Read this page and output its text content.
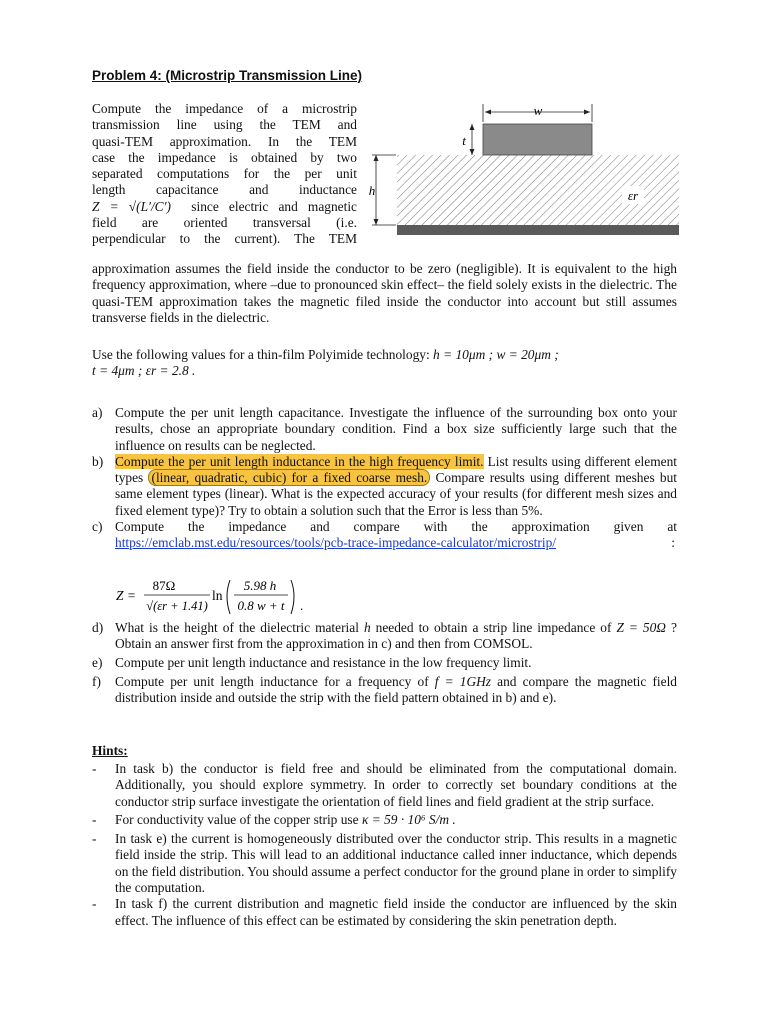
Problem 4: (Microstrip Transmission Line)
w
t
h	εr
Compute the impedance of a microstrip
transmission line using the TEM and
quasi-TEM approximation. In the TEM
case the impedance is obtained by two
separated computations for the per unit
length capacitance and inductance
Z = √(L′/C′) since electric and magnetic
field are oriented transversal (i.e.
perpendicular to the current). The TEM

approximation assumes the field inside the conductor to be zero (negligible). It is equivalent to the high frequency approximation, where –due to pronounced skin effect– the field solely exists in the dielectric. The quasi-TEM approximation takes the magnetic filed inside the conductor into account but still assumes transverse fields in the dielectric.

Use the following values for a thin-film Polyimide technology: h = 10μm ; w = 20μm ;
t = 4μm ; εr = 2.8 .
a) Compute the per unit length capacitance. Investigate the influence of the surrounding box onto your results, chose an appropriate boundary condition. Find a box size sufficiently large such that the influence on results can be neglected.
b) Compute the per unit length inductance in the high frequency limit. List results using different element types (linear, quadratic, cubic) for a fixed coarse mesh. Compare results using different meshes but same element types (linear). What is the expected accuracy of your results (for different mesh sizes and fixed element type)? Try to obtain a solution such that the Error is less than 5%.
c) Compute the impedance and compare with the approximation given at
https://emclab.mst.edu/resources/tools/pcb-trace-impedance-calculator/microstrip/	:
Z =
87Ω
√(εr + 1.41)
ln
5.98 h
0.8 w + t .
d) What is the height of the dielectric material h needed to obtain a strip line impedance of Z = 50Ω ? Obtain an answer first from the approximation in c) and then from COMSOL.
e) Compute per unit length inductance and resistance in the low frequency limit.
f) Compute per unit length inductance for a frequency of f = 1GHz and compare the magnetic field distribution inside and outside the strip with the field pattern obtained in b) and e).
Hints:
- In task b) the conductor is field free and should be eliminated from the computational domain. Additionally, you should explore symmetry. In order to correctly set boundary conditions at the conductor strip surface investigate the orientation of field lines and field gradient at the strip surface.
- For conductivity value of the copper strip use κ = 59 · 10⁶ S/m .
- In task e) the current is homogeneously distributed over the conductor strip. This results in a magnetic field inside the strip. This will lead to an additional inductance called inner inductance, which depends on the field distribution. You should assume a perfect conductor for the ground plane in order to simplify the computation.
- In task f) the current distribution and magnetic field inside the conductor are influenced by the skin effect. The influence of this effect can be estimated by considering the skin penetration depth.
